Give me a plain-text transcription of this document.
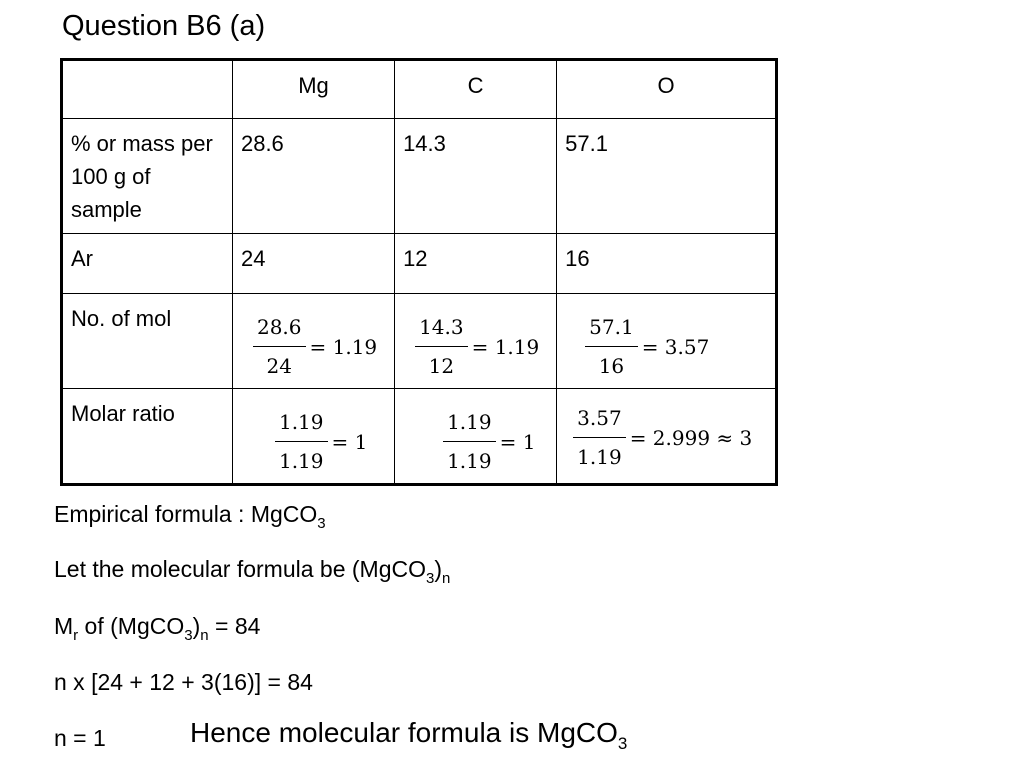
Question B6 (a)
	Mg	C	O
% or mass per 100 g of sample	28.6	14.3	57.1
Ar	24	12	16
No. of mol	$\frac{28.6}{24} = 1.19$	$\frac{14.3}{12} = 1.19$	$\frac{57.1}{16} = 3.57$

Molar ratio	$\frac{1.19}{1.19} = 1$	$\frac{1.19}{1.19} = 1$	$\frac{3.57}{1.19} = 2.999 \approx 3$
Empirical formula : MgCO$_3$
Let the molecular formula be $(MgCO_3)_n$
$M_r$ of $(MgCO_3)_n = 84$
n x [24 + 12 + 3(16)] = 84
n = 1	Hence molecular formula is MgCO$_3$
